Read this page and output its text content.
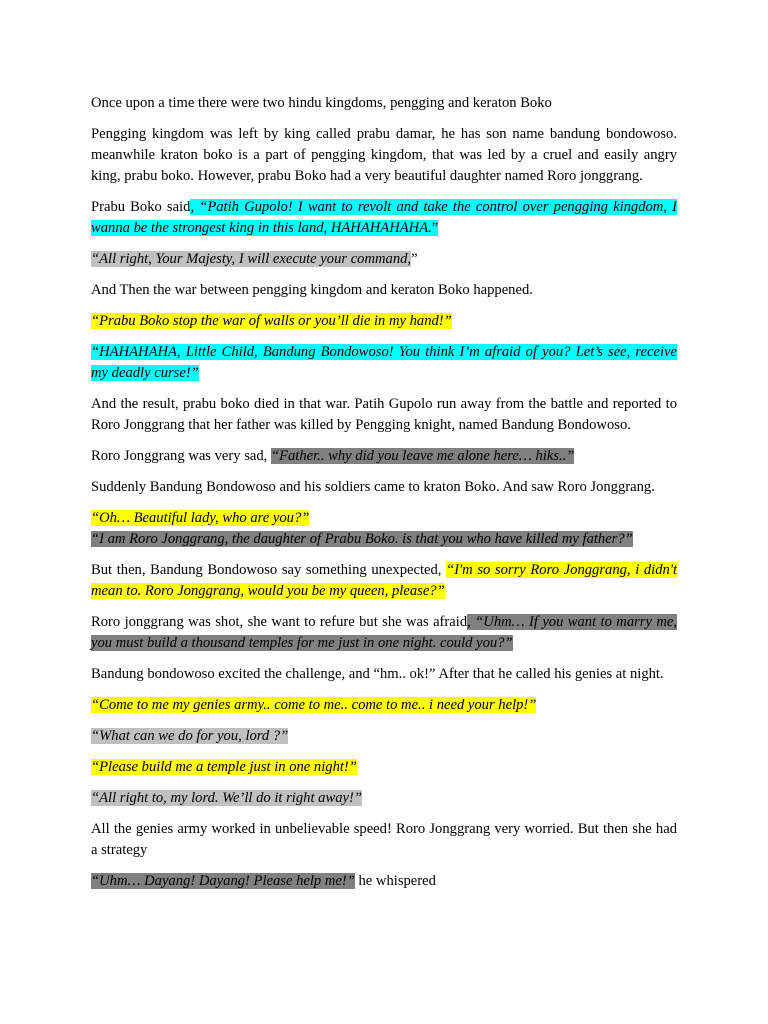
Once upon a time there were two hindu kingdoms, pengging and keraton Boko

Pengging kingdom was left by king called prabu damar, he has son name bandung bondowoso. meanwhile kraton boko is a part of pengging kingdom, that was led by a cruel and easily angry king, prabu boko. However, prabu Boko had a very beautiful daughter named Roro jonggrang.

Prabu Boko said, “Patih Gupolo! I want to revolt and take the control over pengging kingdom, I wanna be the strongest king in this land, HAHAHAHAHA.”

“All right, Your Majesty, I will execute your command,”

And Then the war between pengging kingdom and keraton Boko happened.

“Prabu Boko stop the war of walls or you’ll die in my hand!”

“HAHAHAHA, Little Child, Bandung Bondowoso! You think I’m afraid of you? Let’s see, receive my deadly curse!”

And the result, prabu boko died in that war. Patih Gupolo run away from the battle and reported to Roro Jonggrang that her father was killed by Pengging knight, named Bandung Bondowoso.

Roro Jonggrang was very sad, “Father.. why did you leave me alone here… hiks..”

Suddenly Bandung Bondowoso and his soldiers came to kraton Boko. And saw Roro Jonggrang.

“Oh… Beautiful lady, who are you?”

“I am Roro Jonggrang, the daughter of Prabu Boko. is that you who have killed my father?”

But then, Bandung Bondowoso say something unexpected, “I'm so sorry Roro Jonggrang, i didn't mean to. Roro Jonggrang, would you be my queen, please?”

Roro jonggrang was shot, she want to refure but she was afraid, “Uhm… If you want to marry me, you must build a thousand temples for me just in one night. could you?”

Bandung bondowoso excited the challenge, and “hm.. ok!” After that he called his genies at night.

“Come to me my genies army.. come to me.. come to me.. i need your help!”

“What can we do for you, lord ?”

“Please build me a temple just in one night!”

“All right to, my lord. We’ll do it right away!”

All the genies army worked in unbelievable speed! Roro Jonggrang very worried. But then she had a strategy

“Uhm… Dayang! Dayang! Please help me!” he whispered
